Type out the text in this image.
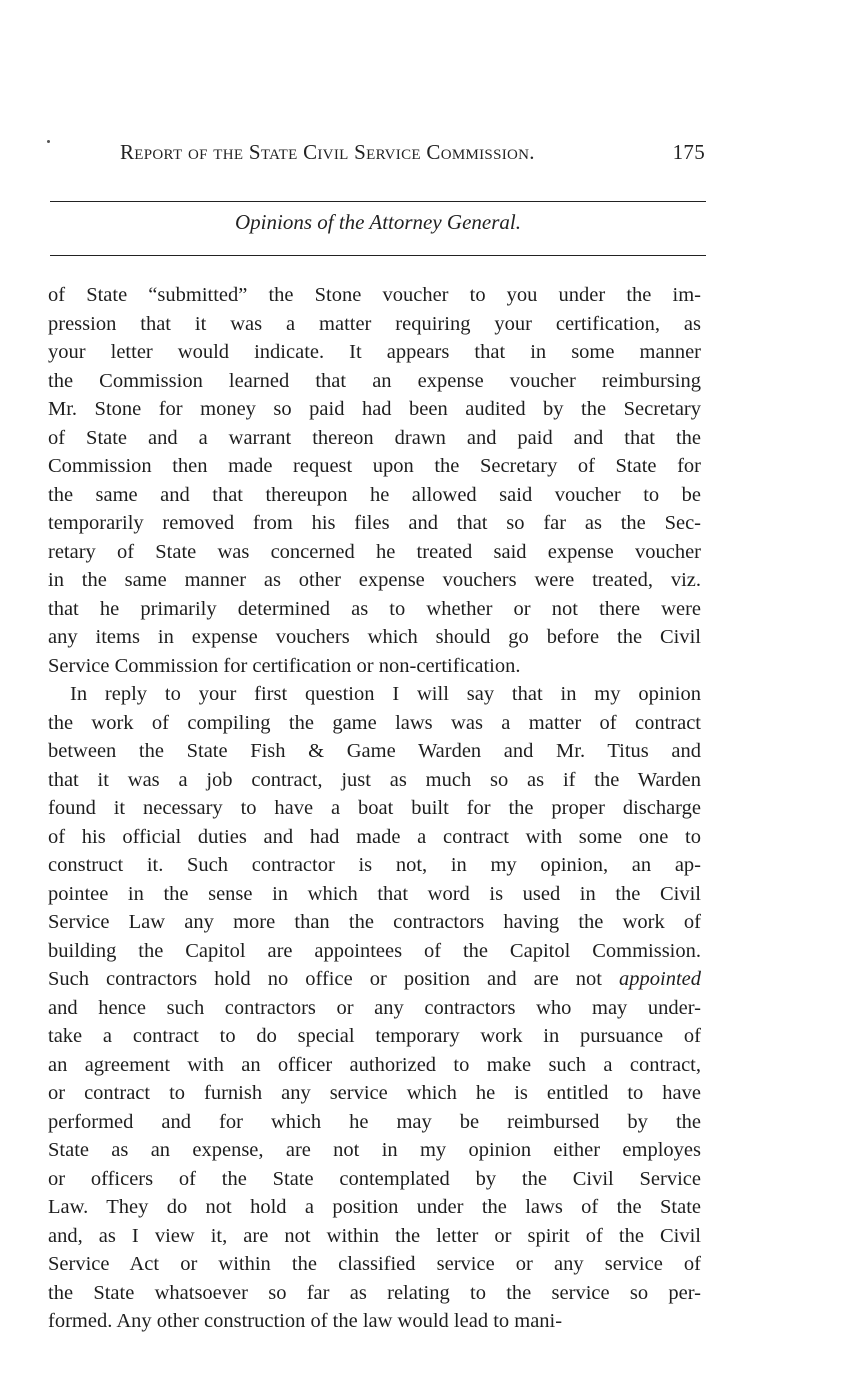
Report of the State Civil Service Commission.	175
Opinions of the Attorney General.
of State “submitted” the Stone voucher to you under the im-
pression that it was a matter requiring your certification, as
your letter would indicate. It appears that in some manner
the Commission learned that an expense voucher reimbursing
Mr. Stone for money so paid had been audited by the Secretary
of State and a warrant thereon drawn and paid and that the
Commission then made request upon the Secretary of State for
the same and that thereupon he allowed said voucher to be
temporarily removed from his files and that so far as the Sec-
retary of State was concerned he treated said expense voucher
in the same manner as other expense vouchers were treated, viz.
that he primarily determined as to whether or not there were
any items in expense vouchers which should go before the Civil
Service Commission for certification or non-certification.
In reply to your first question I will say that in my opinion
the work of compiling the game laws was a matter of contract
between the State Fish & Game Warden and Mr. Titus and
that it was a job contract, just as much so as if the Warden
found it necessary to have a boat built for the proper discharge
of his official duties and had made a contract with some one to
construct it. Such contractor is not, in my opinion, an ap-
pointee in the sense in which that word is used in the Civil
Service Law any more than the contractors having the work of
building the Capitol are appointees of the Capitol Commission.
Such contractors hold no office or position and are not appointed
and hence such contractors or any contractors who may under-
take a contract to do special temporary work in pursuance of
an agreement with an officer authorized to make such a contract,
or contract to furnish any service which he is entitled to have
performed and for which he may be reimbursed by the
State as an expense, are not in my opinion either employes
or officers of the State contemplated by the Civil Service
Law. They do not hold a position under the laws of the State
and, as I view it, are not within the letter or spirit of the Civil
Service Act or within the classified service or any service of
the State whatsoever so far as relating to the service so per-
formed. Any other construction of the law would lead to mani-
